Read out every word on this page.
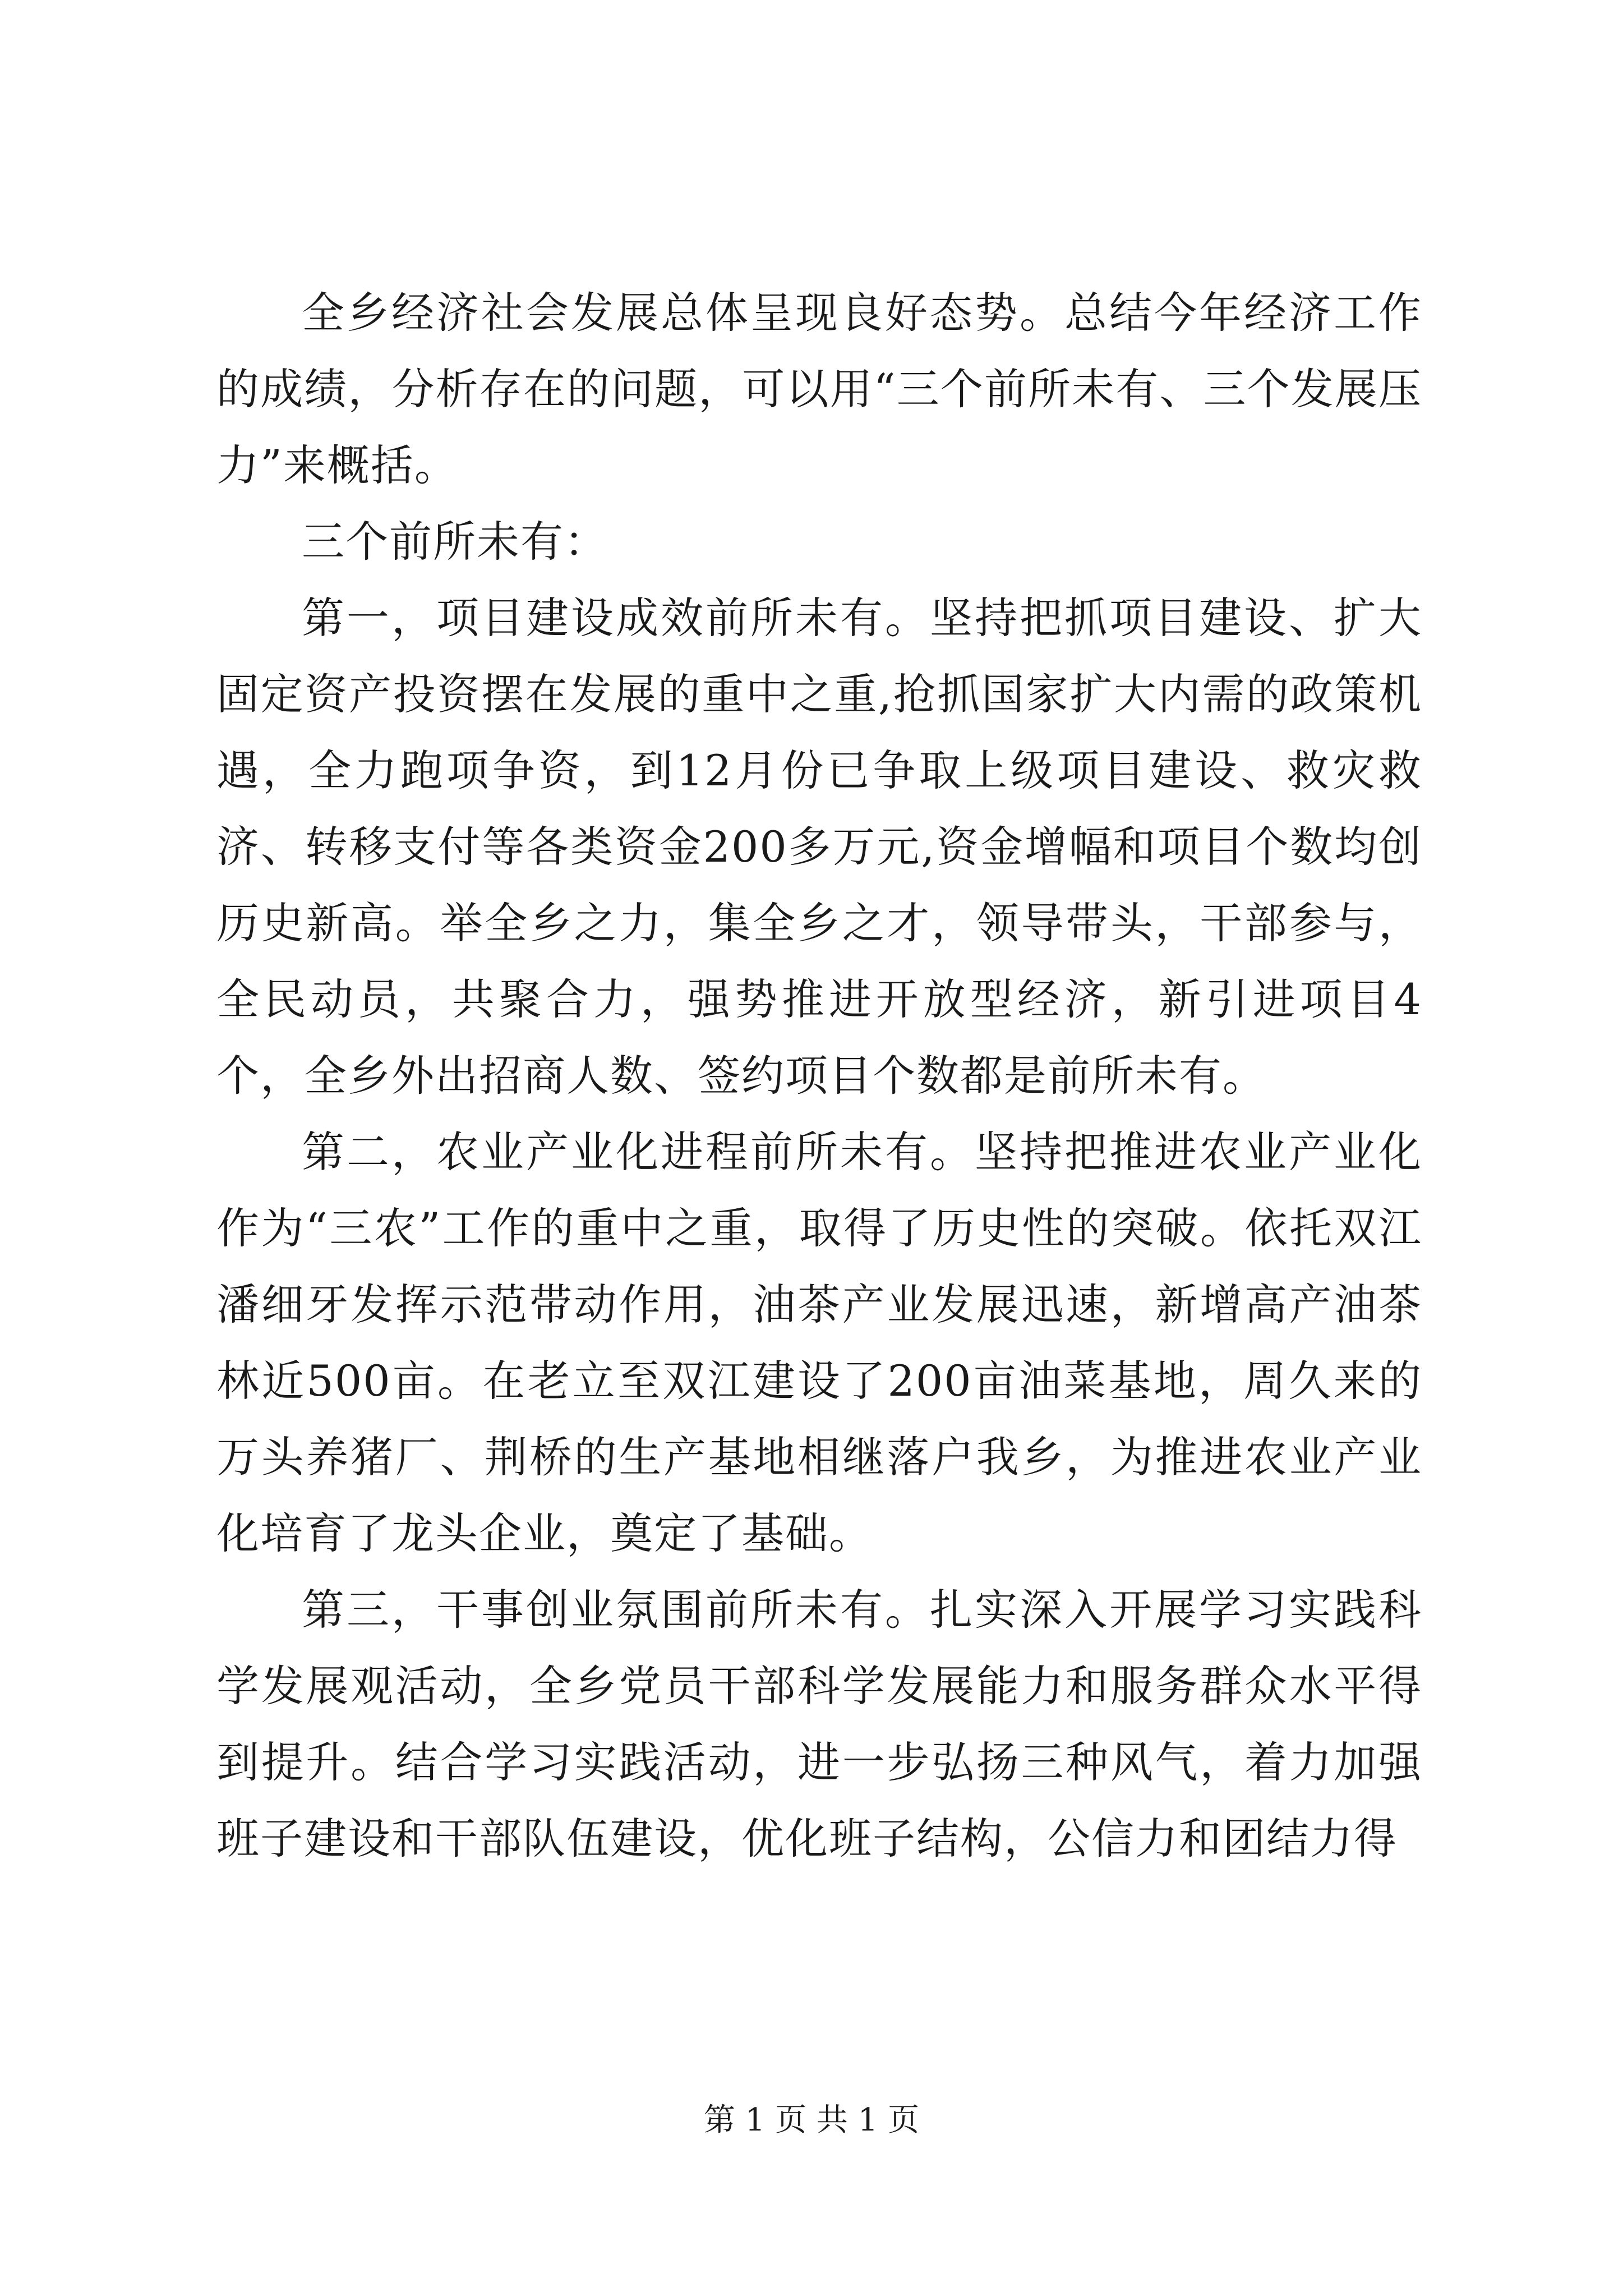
全乡经济社会发展总体呈现良好态势。总结今年经济工作的成绩，分析存在的问题，可以用“三个前所未有、三个发展压力”来概括。

三个前所未有：

第一，项目建设成效前所未有。坚持把抓项目建设、扩大固定资产投资摆在发展的重中之重,抢抓国家扩大内需的政策机遇，全力跑项争资，到12月份已争取上级项目建设、救灾救济、转移支付等各类资金200多万元,资金增幅和项目个数均创历史新高。举全乡之力，集全乡之才，领导带头，干部参与，全民动员，共聚合力，强势推进开放型经济，新引进项目4个，全乡外出招商人数、签约项目个数都是前所未有。

第二，农业产业化进程前所未有。坚持把推进农业产业化作为“三农”工作的重中之重，取得了历史性的突破。依托双江潘细牙发挥示范带动作用，油茶产业发展迅速，新增高产油茶林近500亩。在老立至双江建设了200亩油菜基地，周久来的万头养猪厂、荆桥的生产基地相继落户我乡，为推进农业产业化培育了龙头企业，奠定了基础。

第三，干事创业氛围前所未有。扎实深入开展学习实践科学发展观活动，全乡党员干部科学发展能力和服务群众水平得到提升。结合学习实践活动，进一步弘扬三种风气，着力加强班子建设和干部队伍建设，优化班子结构，公信力和团结力得

第 1 页 共 1 页
